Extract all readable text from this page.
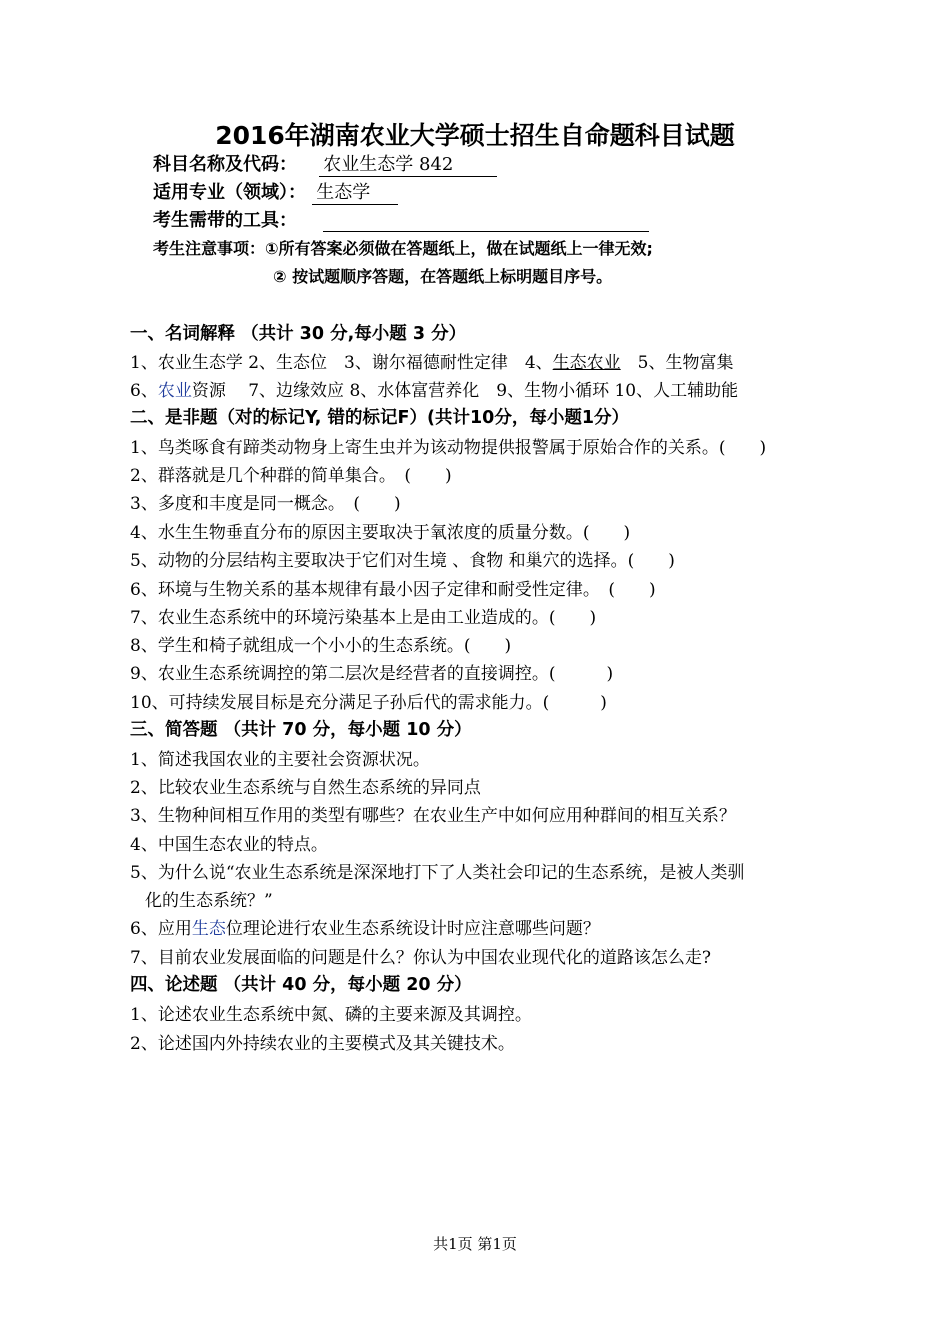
2016年湖南农业大学硕士招生自命题科目试题
科目名称及代码： 农业生态学 842
适用专业（领域）： 生态学
考生需带的工具：
考生注意事项：①所有答案必须做在答题纸上，做在试题纸上一律无效;
② 按试题顺序答题，在答题纸上标明题目序号。
一、名词解释 （共计 30 分,每小题 3 分）
1、农业生态学 2、生态位　3、谢尔福德耐性定律　4、生态农业　5、生物富集
6、农业资源　 7、边缘效应 8、水体富营养化　9、生物小循环 10、人工辅助能
二、是非题（对的标记Y, 错的标记F）(共计10分，每小题1分）
1、鸟类啄食有蹄类动物身上寄生虫并为该动物提供报警属于原始合作的关系。(　　)
2、群落就是几个种群的简单集合。　(　　)
3、多度和丰度是同一概念。　(　　)
4、水生生物垂直分布的原因主要取决于氧浓度的质量分数。(　　)
5、动物的分层结构主要取决于它们对生境 、食物 和巢穴的选择。(　　)
6、环境与生物关系的基本规律有最小因子定律和耐受性定律。　(　　)
7、农业生态系统中的环境污染基本上是由工业造成的。(　　)
8、学生和椅子就组成一个小小的生态系统。(　　)
9、农业生态系统调控的第二层次是经营者的直接调控。(　　　)
10、可持续发展目标是充分满足子孙后代的需求能力。(　　　)
三、简答题 （共计 70 分，每小题 10 分）
1、简述我国农业的主要社会资源状况。
2、比较农业生态系统与自然生态系统的异同点
3、生物种间相互作用的类型有哪些？在农业生产中如何应用种群间的相互关系？
4、中国生态农业的特点。
5、为什么说“农业生态系统是深深地打下了人类社会印记的生态系统，是被人类驯
化的生态系统？”
6、应用生态位理论进行农业生态系统设计时应注意哪些问题？
7、目前农业发展面临的问题是什么？你认为中国农业现代化的道路该怎么走?
四、论述题 （共计 40 分，每小题 20 分）
1、论述农业生态系统中氮、磷的主要来源及其调控。
2、论述国内外持续农业的主要模式及其关键技术。
共1页 第1页
